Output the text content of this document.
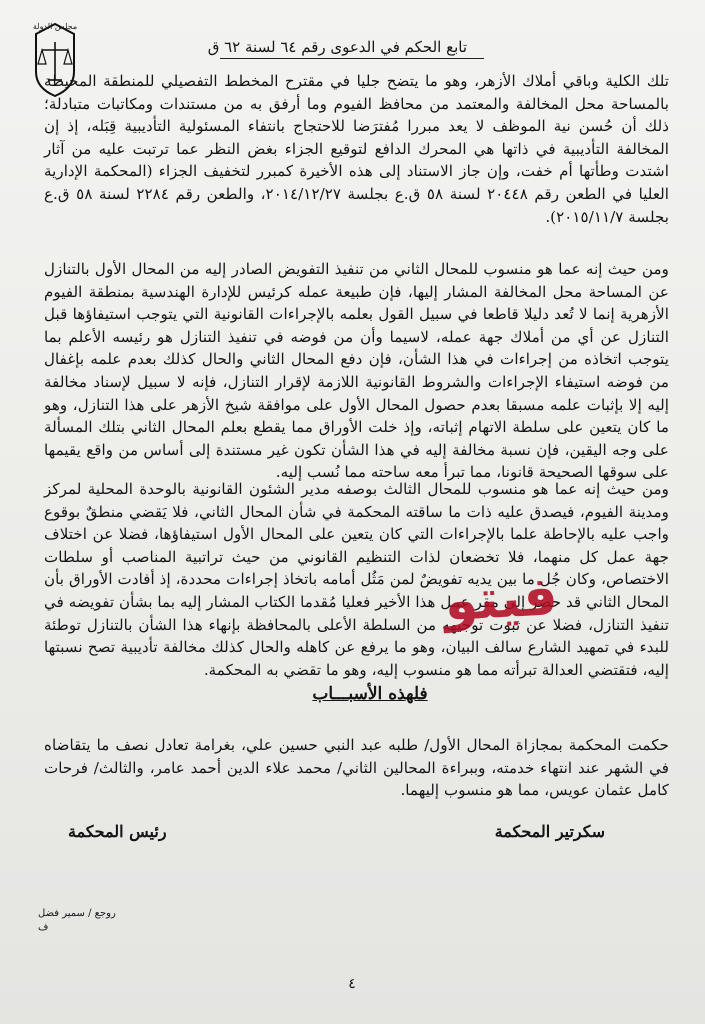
مجلس الدولة
تابع الحكم في الدعوى رقم ٦٤ لسنة ٦٢ ق
تلك الكلية وباقي أملاك الأزهر، وهو ما يتضح جليا في مقترح المخطط التفصيلي للمنطقة المحيطة بالمساحة محل المخالفة والمعتمد من محافظ الفيوم وما أرفق به من مستندات ومكاتبات متبادلة؛ ذلك أن حُسن نية الموظف لا يعد مبررا مُفترَضا للاحتجاج بانتفاء المسئولية التأديبية قِبَله، إذ إن المخالفة التأديبية في ذاتها هي المحرك الدافع لتوقيع الجزاء بغض النظر عما ترتبت عليه من آثار اشتدت وطأتها أم خفت، وإن جاز الاستناد إلى هذه الأخيرة كمبرر لتخفيف الجزاء (المحكمة الإدارية العليا في الطعن رقم ٢٠٤٤٨ لسنة ٥٨ ق.ع بجلسة ٢٠١٤/١٢/٢٧، والطعن رقم ٢٢٨٤ لسنة ٥٨ ق.ع بجلسة ٢٠١٥/١١/٧).
ومن حيث إنه عما هو منسوب للمحال الثاني من تنفيذ التفويض الصادر إليه من المحال الأول بالتنازل عن المساحة محل المخالفة المشار إليها، فإن طبيعة عمله كرئيس للإدارة الهندسية بمنطقة الفيوم الأزهرية إنما لا تُعد دليلا قاطعا في سبيل القول بعلمه بالإجراءات القانونية التي يتوجب استيفاؤها قبل التنازل عن أي من أملاك جهة عمله، لاسيما وأن من فوضه في تنفيذ التنازل هو رئيسه الأعلم بما يتوجب اتخاذه من إجراءات في هذا الشأن، فإن دفع المحال الثاني والحال كذلك بعدم علمه بإغفال من فوضه استيفاء الإجراءات والشروط القانونية اللازمة لإقرار التنازل، فإنه لا سبيل لإسناد مخالفة إليه إلا بإثبات علمه مسبقا بعدم حصول المحال الأول على موافقة شيخ الأزهر على هذا التنازل، وهو ما كان يتعين على سلطة الاتهام إثباته، وإذ خلت الأوراق مما يقطع بعلم المحال الثاني بتلك المسألة على وجه اليقين، فإن نسبة مخالفة إليه في هذا الشأن تكون غير مستندة إلى أساس من واقع يقيمها على سوقها الصحيحة قانونا، مما تبرأ معه ساحته مما نُسب إليه.
ومن حيث إنه عما هو منسوب للمحال الثالث بوصفه مدير الشئون القانونية بالوحدة المحلية لمركز ومدينة الفيوم، فيصدق عليه ذات ما ساقته المحكمة في شأن المحال الثاني، فلا يَقضي منطقٌ بوقوع واجب عليه بالإحاطة علما بالإجراءات التي كان يتعين على المحال الأول استيفاؤها، فضلا عن اختلاف جهة عمل كل منهما، فلا تخضعان لذات التنظيم القانوني من حيث تراتبية المناصب أو سلطات الاختصاص، وكان جُل ما بين يديه تفويضٌ لمن مَثُل أمامه باتخاذ إجراءات محددة، إذ أفادت الأوراق بأن المحال الثاني قد حضر إلى مقر عمل هذا الأخير فعليا مُقدما الكتاب المشار إليه بما بشأن تفويضه في تنفيذ التنازل، فضلا عن ثبوت توجيهه من السلطة الأعلى بالمحافظة بإنهاء هذا الشأن بالتنازل توطئة للبدء في تمهيد الشارع سالف البيان، وهو ما يرفع عن كاهله والحال كذلك مخالفة تأديبية تصح نسبتها إليه، فتقتضي العدالة تبرأته مما هو منسوب إليه، وهو ما تقضي به المحكمة.
فلهذه الأسبـــاب
حكمت المحكمة بمجازاة المحال الأول/ طلبه عبد النبي حسين علي، بغرامة تعادل نصف ما يتقاضاه في الشهر عند انتهاء خدمته، وببراءة المحالين الثاني/ محمد علاء الدين أحمد عامر، والثالث/ فرحات كامل عثمان عويس، مما هو منسوب إليهما.
سكرتير المحكمة
رئيس المحكمة
روجع / سمير فضل
ف
٤
فيتو
